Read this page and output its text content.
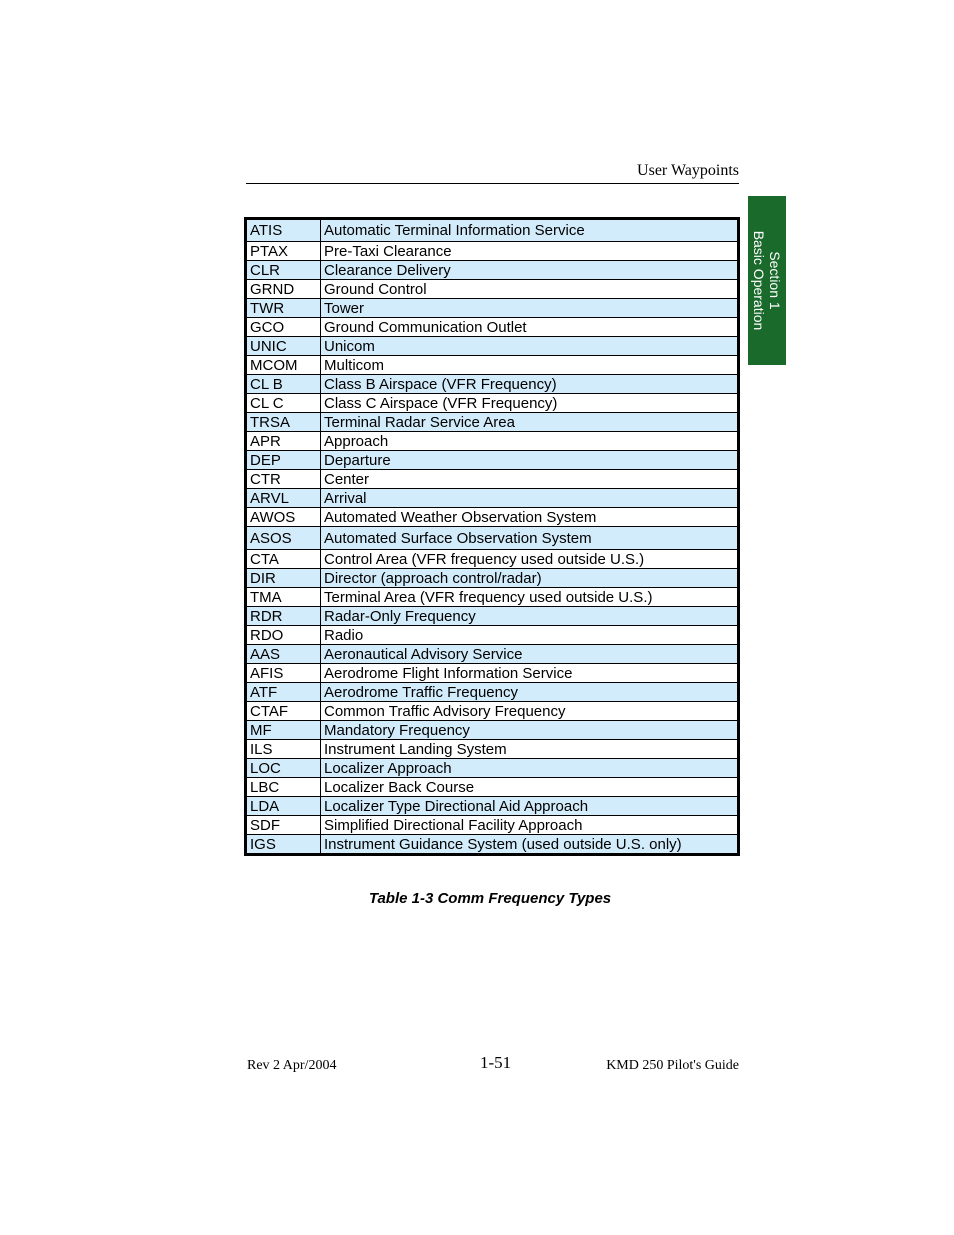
User Waypoints
Section 1
Basic Operation
ATIS	Automatic Terminal Information Service
PTAX	Pre-Taxi Clearance
CLR	Clearance Delivery
GRND	Ground Control
TWR	Tower
GCO	Ground Communication Outlet
UNIC	Unicom
MCOM	Multicom
CL B	Class B Airspace (VFR Frequency)
CL C	Class C Airspace (VFR Frequency)
TRSA	Terminal Radar Service Area
APR	Approach
DEP	Departure
CTR	Center
ARVL	Arrival
AWOS	Automated Weather Observation System
ASOS	Automated Surface Observation System
CTA	Control Area (VFR frequency used outside U.S.)
DIR	Director (approach control/radar)
TMA	Terminal Area (VFR frequency used outside U.S.)
RDR	Radar-Only Frequency
RDO	Radio
AAS	Aeronautical Advisory Service
AFIS	Aerodrome Flight Information Service
ATF	Aerodrome Traffic Frequency
CTAF	Common Traffic Advisory Frequency
MF	Mandatory Frequency
ILS	Instrument Landing System
LOC	Localizer Approach
LBC	Localizer Back Course
LDA	Localizer Type Directional Aid Approach
SDF	Simplified Directional Facility Approach
IGS	Instrument Guidance System (used outside U.S. only)
Table 1-3 Comm Frequency Types
Rev 2 Apr/2004	1-51	KMD 250 Pilot's Guide
